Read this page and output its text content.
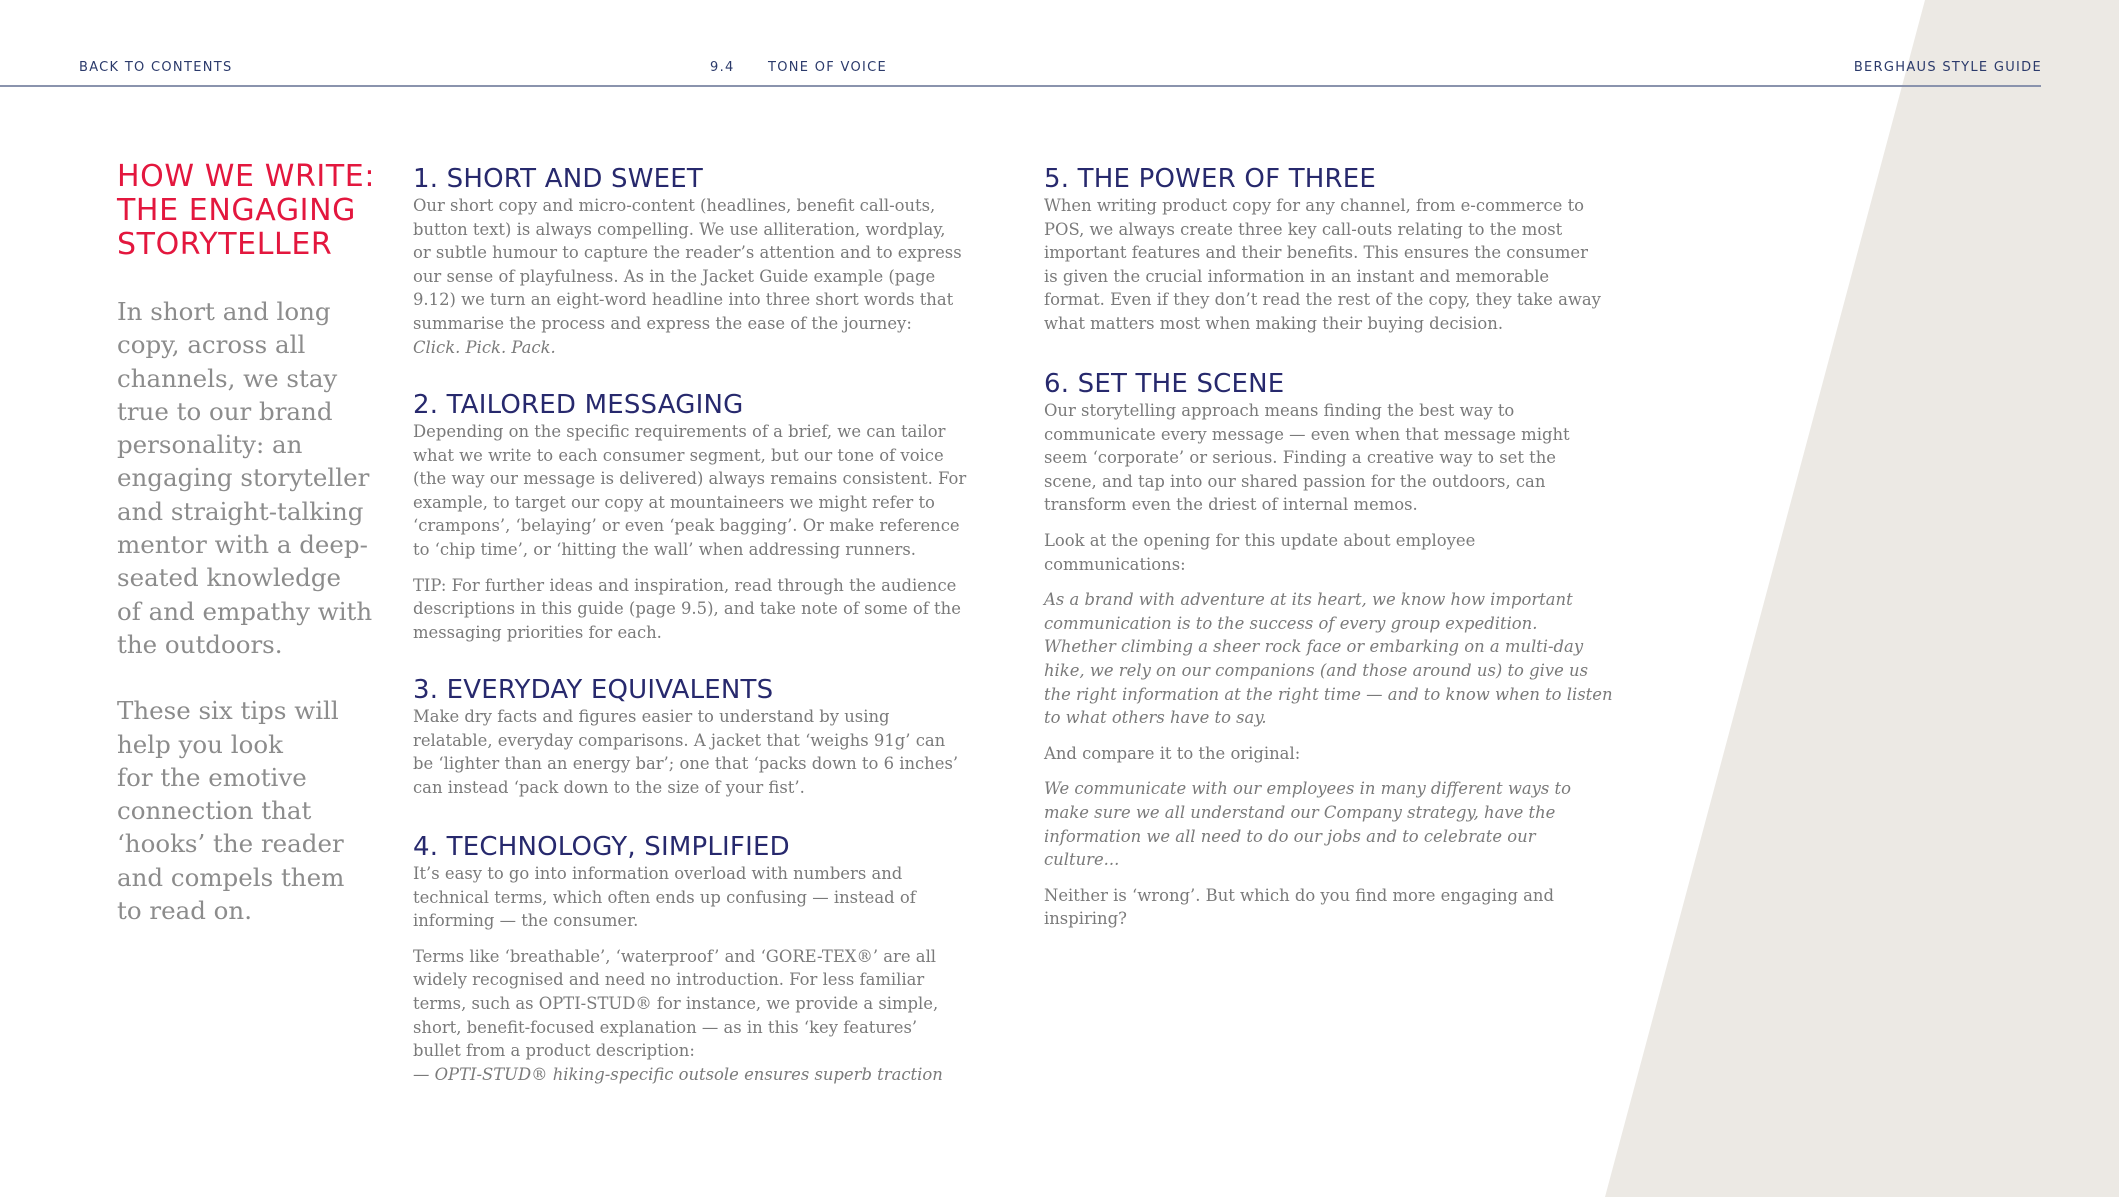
BACK TO CONTENTS	9.4	TONE OF VOICE	BERGHAUS STYLE GUIDE
HOW WE WRITE:
THE ENGAGING
STORYTELLER
In short and long
copy, across all
channels, we stay
true to our brand
personality: an
engaging storyteller
and straight-talking
mentor with a deep-
seated knowledge
of and empathy with
the outdoors.
These six tips will
help you look
for the emotive
connection that
‘hooks’ the reader
and compels them
to read on.
1. SHORT AND SWEET
Our short copy and micro-content (headlines, benefit call-outs,
button text) is always compelling. We use alliteration, wordplay,
or subtle humour to capture the reader’s attention and to express
our sense of playfulness. As in the Jacket Guide example (page
9.12) we turn an eight-word headline into three short words that
summarise the process and express the ease of the journey:
Click. Pick. Pack.
2. TAILORED MESSAGING
Depending on the specific requirements of a brief, we can tailor
what we write to each consumer segment, but our tone of voice
(the way our message is delivered) always remains consistent. For
example, to target our copy at mountaineers we might refer to
‘crampons’, ‘belaying’ or even ‘peak bagging’. Or make reference
to ‘chip time’, or ‘hitting the wall’ when addressing runners.
TIP: For further ideas and inspiration, read through the audience
descriptions in this guide (page 9.5), and take note of some of the
messaging priorities for each.
3. EVERYDAY EQUIVALENTS
Make dry facts and figures easier to understand by using
relatable, everyday comparisons. A jacket that ‘weighs 91g’ can
be ‘lighter than an energy bar’; one that ‘packs down to 6 inches’
can instead ‘pack down to the size of your fist’.
4. TECHNOLOGY, SIMPLIFIED
It’s easy to go into information overload with numbers and
technical terms, which often ends up confusing — instead of
informing — the consumer.
Terms like ‘breathable’, ‘waterproof’ and ‘GORE-TEX®’ are all
widely recognised and need no introduction. For less familiar
terms, such as OPTI-STUD® for instance, we provide a simple,
short, benefit-focused explanation — as in this ‘key features’
bullet from a product description:
— OPTI-STUD® hiking-specific outsole ensures superb traction
5. THE POWER OF THREE
When writing product copy for any channel, from e-commerce to
POS, we always create three key call-outs relating to the most
important features and their benefits. This ensures the consumer
is given the crucial information in an instant and memorable
format. Even if they don’t read the rest of the copy, they take away
what matters most when making their buying decision.
6. SET THE SCENE
Our storytelling approach means finding the best way to
communicate every message — even when that message might
seem ‘corporate’ or serious. Finding a creative way to set the
scene, and tap into our shared passion for the outdoors, can
transform even the driest of internal memos.
Look at the opening for this update about employee
communications:
As a brand with adventure at its heart, we know how important
communication is to the success of every group expedition.
Whether climbing a sheer rock face or embarking on a multi-day
hike, we rely on our companions (and those around us) to give us
the right information at the right time — and to know when to listen
to what others have to say.
And compare it to the original:
We communicate with our employees in many different ways to
make sure we all understand our Company strategy, have the
information we all need to do our jobs and to celebrate our
culture...
Neither is ‘wrong’. But which do you find more engaging and
inspiring?
